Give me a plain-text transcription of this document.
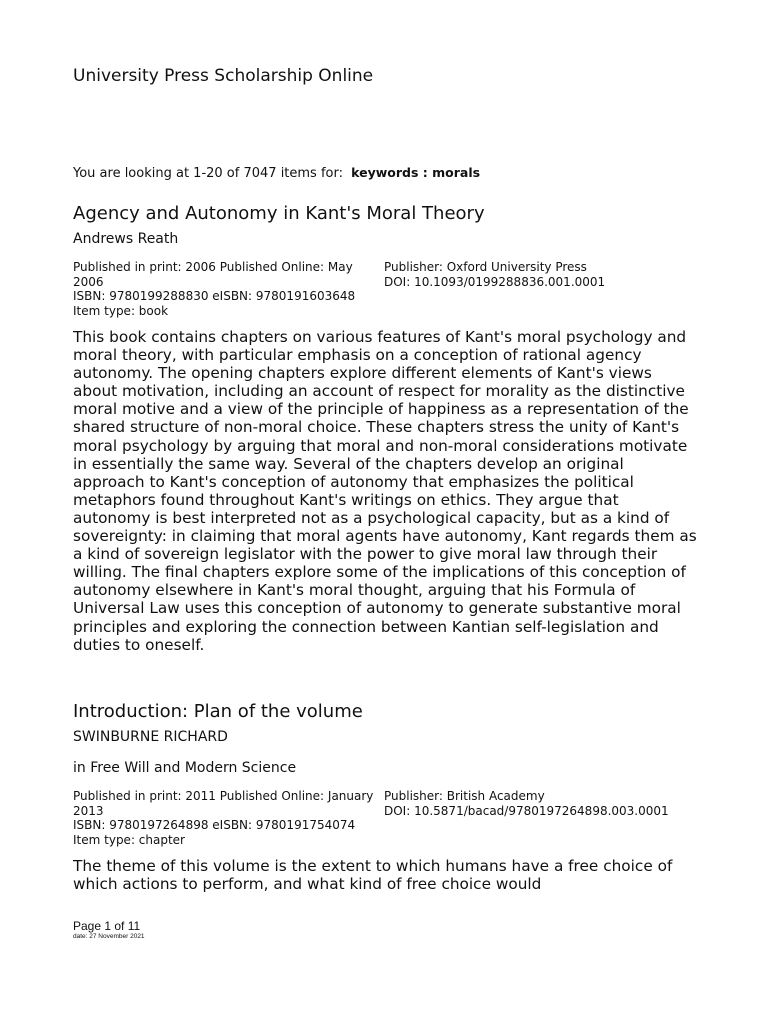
University Press Scholarship Online
You are looking at 1-20 of 7047 items for: keywords : morals
Agency and Autonomy in Kant's Moral Theory
Andrews Reath
Published in print: 2006 Published Online: May 2006
Publisher: Oxford University Press
DOI: 10.1093/0199288836.001.0001
ISBN: 9780199288830 eISBN: 9780191603648
Item type: book
This book contains chapters on various features of Kant's moral psychology and moral theory, with particular emphasis on a conception of rational agency autonomy. The opening chapters explore different elements of Kant's views about motivation, including an account of respect for morality as the distinctive moral motive and a view of the principle of happiness as a representation of the shared structure of non-moral choice. These chapters stress the unity of Kant's moral psychology by arguing that moral and non-moral considerations motivate in essentially the same way. Several of the chapters develop an original approach to Kant's conception of autonomy that emphasizes the political metaphors found throughout Kant's writings on ethics. They argue that autonomy is best interpreted not as a psychological capacity, but as a kind of sovereignty: in claiming that moral agents have autonomy, Kant regards them as a kind of sovereign legislator with the power to give moral law through their willing. The final chapters explore some of the implications of this conception of autonomy elsewhere in Kant's moral thought, arguing that his Formula of Universal Law uses this conception of autonomy to generate substantive moral principles and exploring the connection between Kantian self-legislation and duties to oneself.
Introduction: Plan of the volume
SWINBURNE RICHARD
in Free Will and Modern Science
Published in print: 2011 Published Online: January 2013
Publisher: British Academy
DOI: 10.5871/bacad/9780197264898.003.0001
ISBN: 9780197264898 eISBN: 9780191754074
Item type: chapter
The theme of this volume is the extent to which humans have a free choice of which actions to perform, and what kind of free choice would
Page 1 of 11
date: 27 November 2021
